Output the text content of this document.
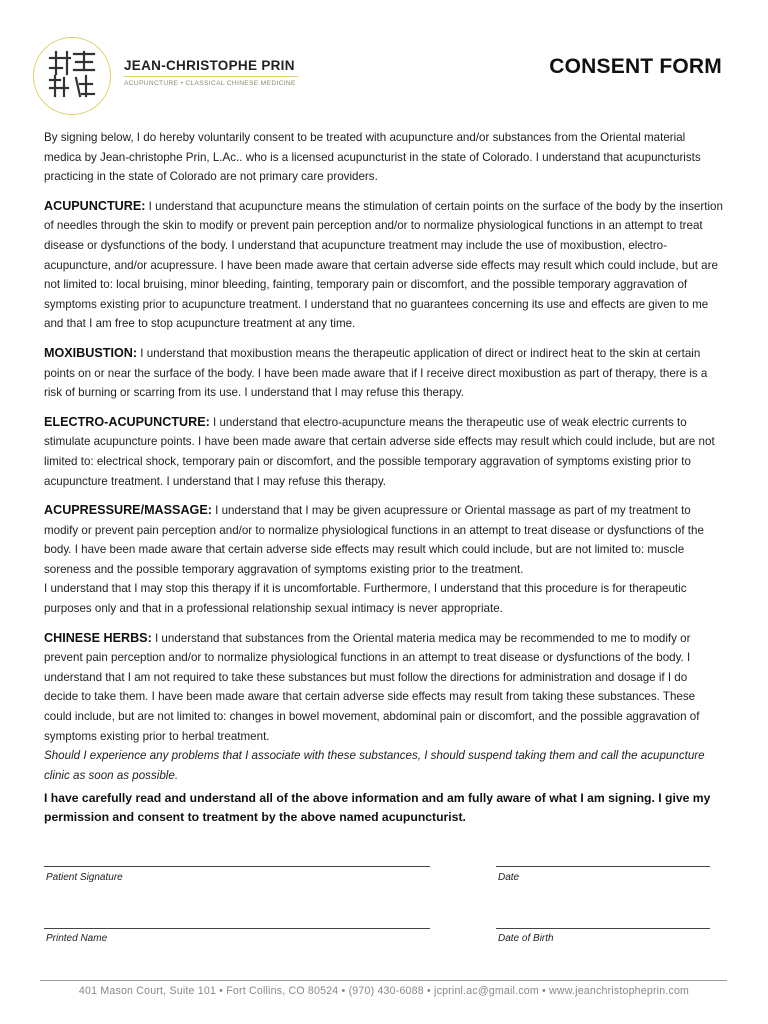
JEAN-CHRISTOPHE PRIN
ACUPUNCTURE • CLASSICAL CHINESE MEDICINE
CONSENT FORM

By signing below, I do hereby voluntarily consent to be treated with acupuncture and/or substances from the Oriental material medica by Jean-christophe Prin, L.Ac.. who is a licensed acupuncturist in the state of Colorado. I understand that acupuncturists practicing in the state of Colorado are not primary care providers.

ACUPUNCTURE: I understand that acupuncture means the stimulation of certain points on the surface of the body by the insertion of needles through the skin to modify or prevent pain perception and/or to normalize physiological functions in an attempt to treat disease or dysfunctions of the body. I understand that acupuncture treatment may include the use of moxibustion, electro-acupuncture, and/or acupressure. I have been made aware that certain adverse side effects may result which could include, but are not limited to: local bruising, minor bleeding, fainting, temporary pain or discomfort, and the possible temporary aggravation of symptoms existing prior to acupuncture treatment. I understand that no guarantees concerning its use and effects are given to me and that I am free to stop acupuncture treatment at any time.

MOXIBUSTION: I understand that moxibustion means the therapeutic application of direct or indirect heat to the skin at certain points on or near the surface of the body. I have been made aware that if I receive direct moxibustion as part of therapy, there is a risk of burning or scarring from its use. I understand that I may refuse this therapy.

ELECTRO-ACUPUNCTURE: I understand that electro-acupuncture means the therapeutic use of weak electric currents to stimulate acupuncture points. I have been made aware that certain adverse side effects may result which could include, but are not limited to: electrical shock, temporary pain or discomfort, and the possible temporary aggravation of symptoms existing prior to acupuncture treatment. I understand that I may refuse this therapy.

ACUPRESSURE/MASSAGE: I understand that I may be given acupressure or Oriental massage as part of my treatment to modify or prevent pain perception and/or to normalize physiological functions in an attempt to treat disease or dysfunctions of the body. I have been made aware that certain adverse side effects may result which could include, but are not limited to: muscle soreness and the possible temporary aggravation of symptoms existing prior to the treatment.
I understand that I may stop this therapy if it is uncomfortable. Furthermore, I understand that this procedure is for therapeutic purposes only and that in a professional relationship sexual intimacy is never appropriate.

CHINESE HERBS: I understand that substances from the Oriental materia medica may be recommended to me to modify or prevent pain perception and/or to normalize physiological functions in an attempt to treat disease or dysfunctions of the body. I understand that I am not required to take these substances but must follow the directions for administration and dosage if I do decide to take them. I have been made aware that certain adverse side effects may result from taking these substances. These could include, but are not limited to: changes in bowel movement, abdominal pain or discomfort, and the possible aggravation of symptoms existing prior to herbal treatment.
Should I experience any problems that I associate with these substances, I should suspend taking them and call the acupuncture clinic as soon as possible.

I have carefully read and understand all of the above information and am fully aware of what I am signing. I give my permission and consent to treatment by the above named acupuncturist.
Patient Signature	Date
Printed Name	Date of Birth
401 Mason Court, Suite 101 • Fort Collins, CO 80524 • (970) 430-6088 • jcprinl.ac@gmail.com • www.jeanchristopheprin.com
